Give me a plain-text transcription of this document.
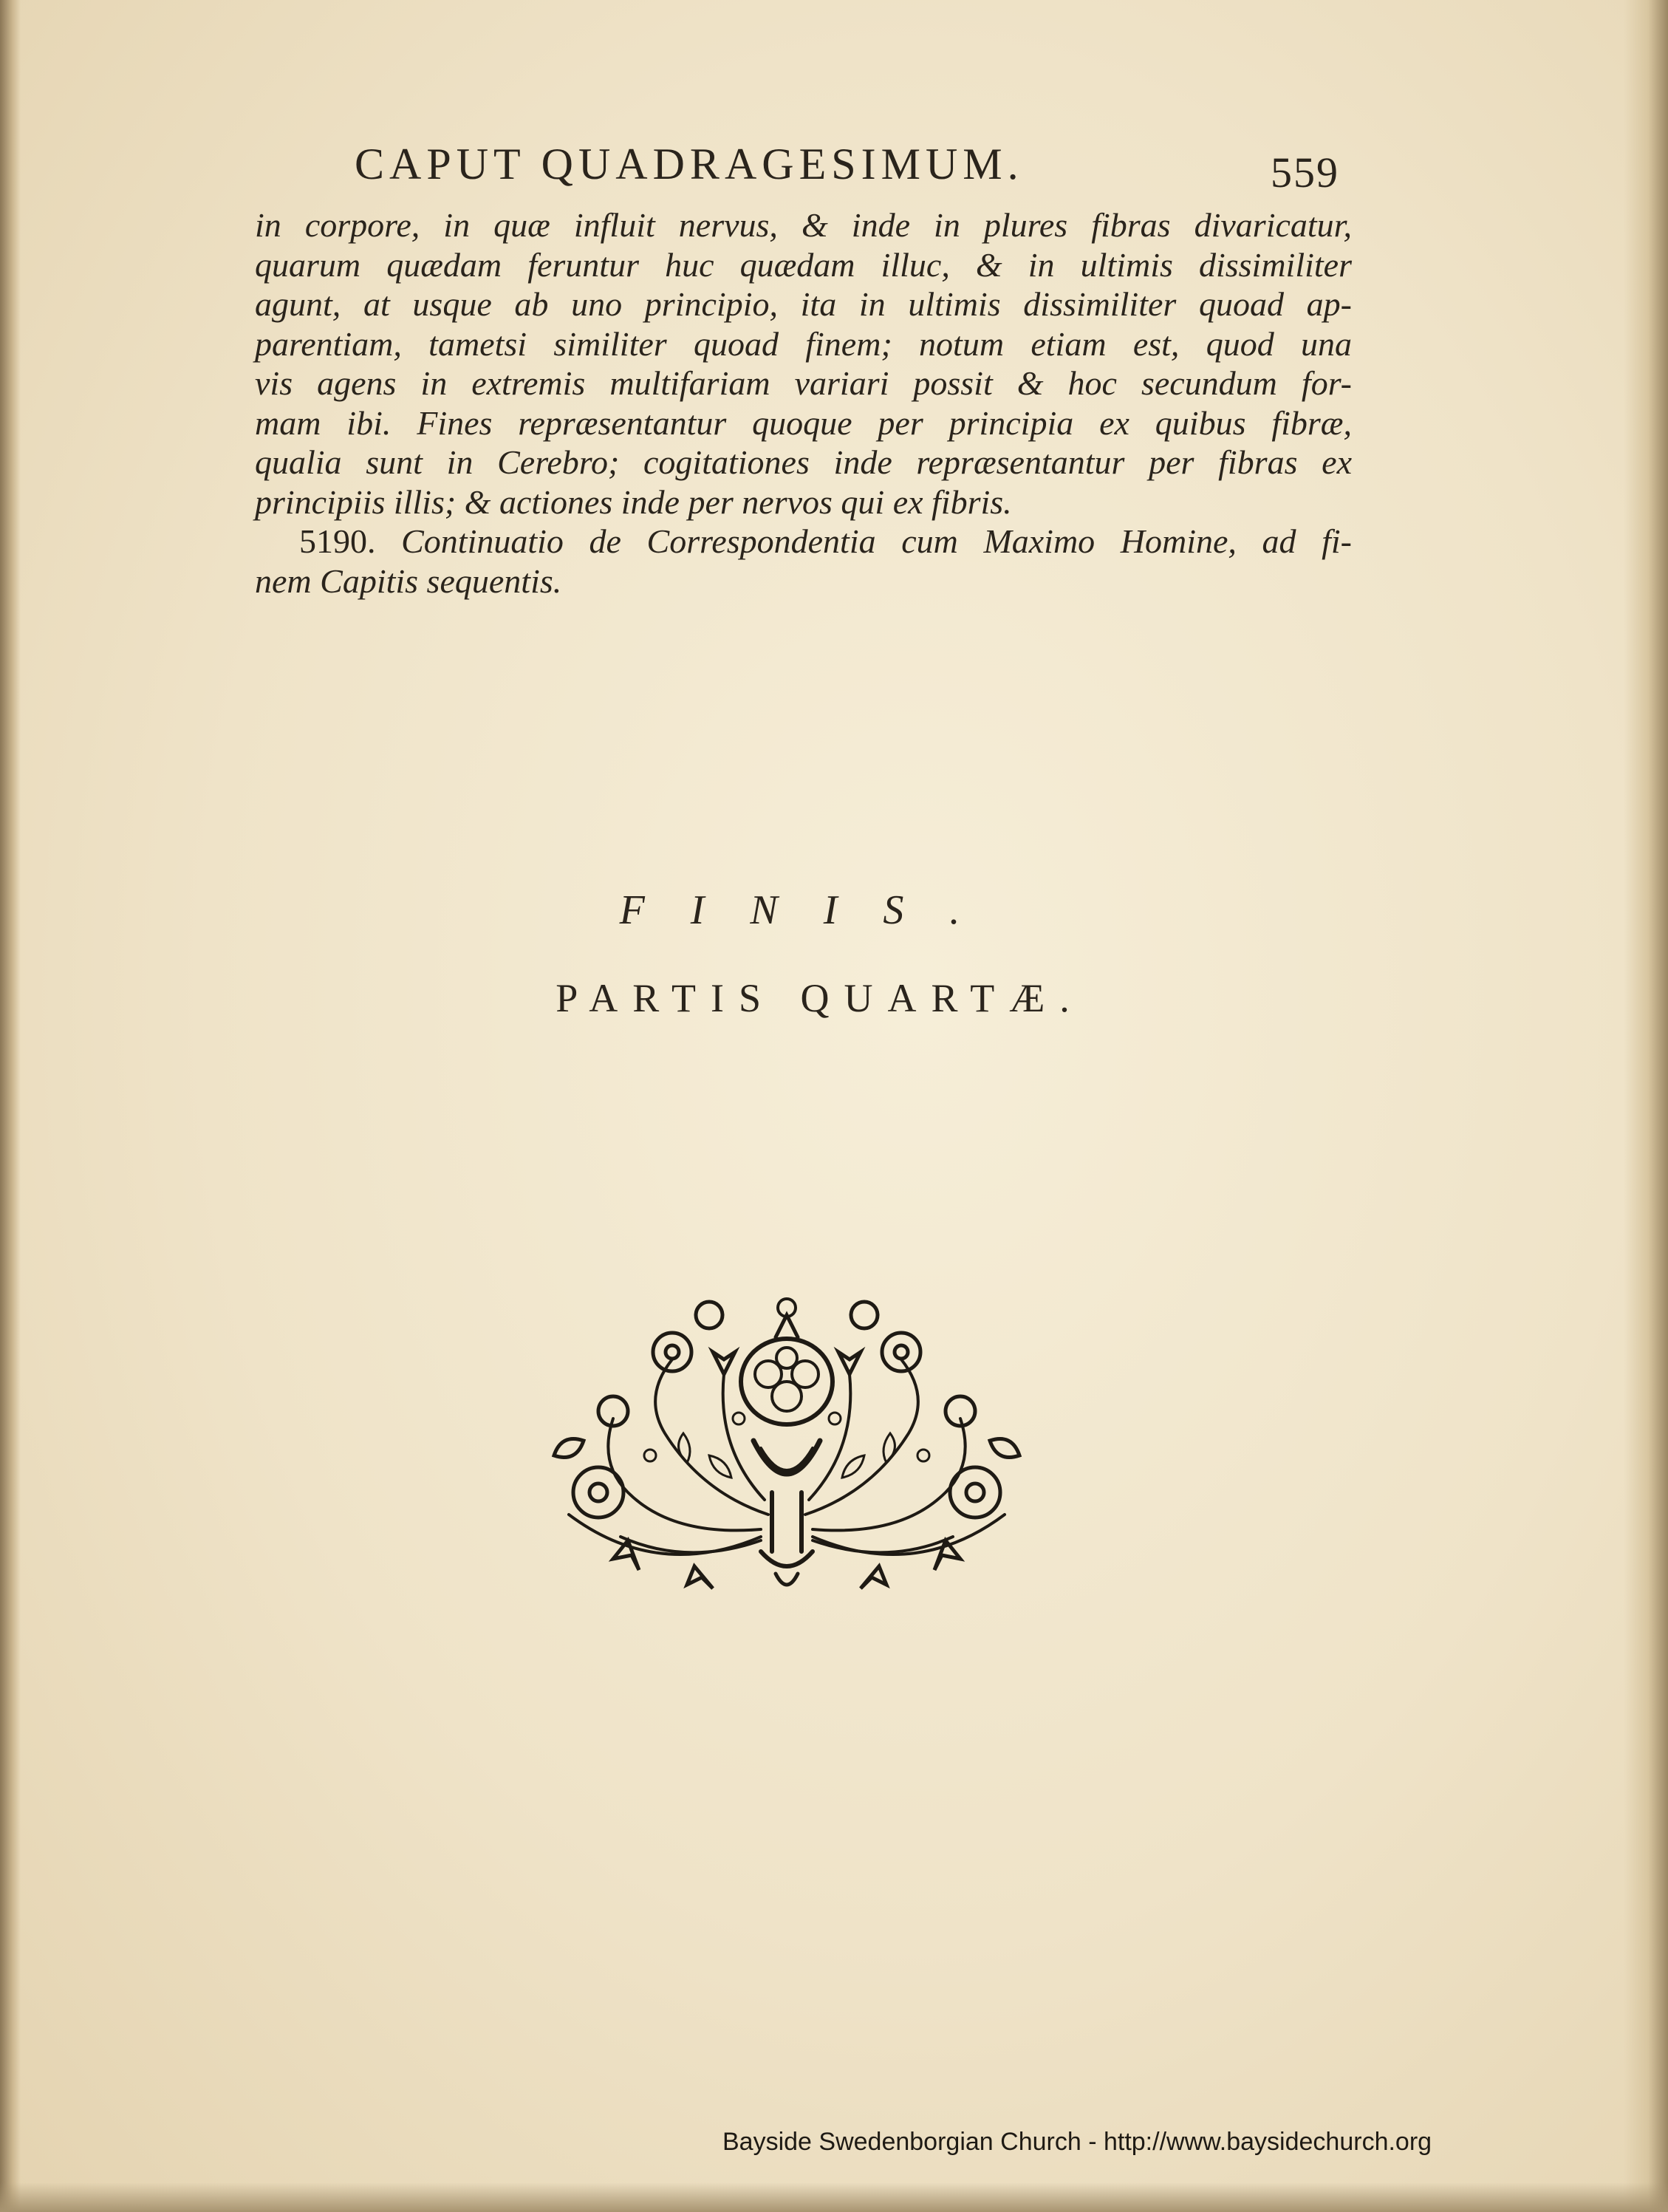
CAPUT QUADRAGESIMUM.	559
in corpore, in quæ influit nervus, & inde in plures fibras divaricatur,
quarum quædam feruntur huc quædam illuc, & in ultimis dissimiliter
agunt, at usque ab uno principio, ita in ultimis dissimiliter quoad ap-
parentiam, tametsi similiter quoad finem; notum etiam est, quod una
vis agens in extremis multifariam variari possit & hoc secundum for-
mam ibi. Fines repræsentantur quoque per principia ex quibus fibræ,
qualia sunt in Cerebro; cogitationes inde repræsentantur per fibras ex
principiis illis; & actiones inde per nervos qui ex fibris.
5190. Continuatio de Correspondentia cum Maximo Homine, ad fi-
nem Capitis sequentis.
FINIS.
PARTIS QUARTÆ.
Bayside Swedenborgian Church - http://www.baysidechurch.org
